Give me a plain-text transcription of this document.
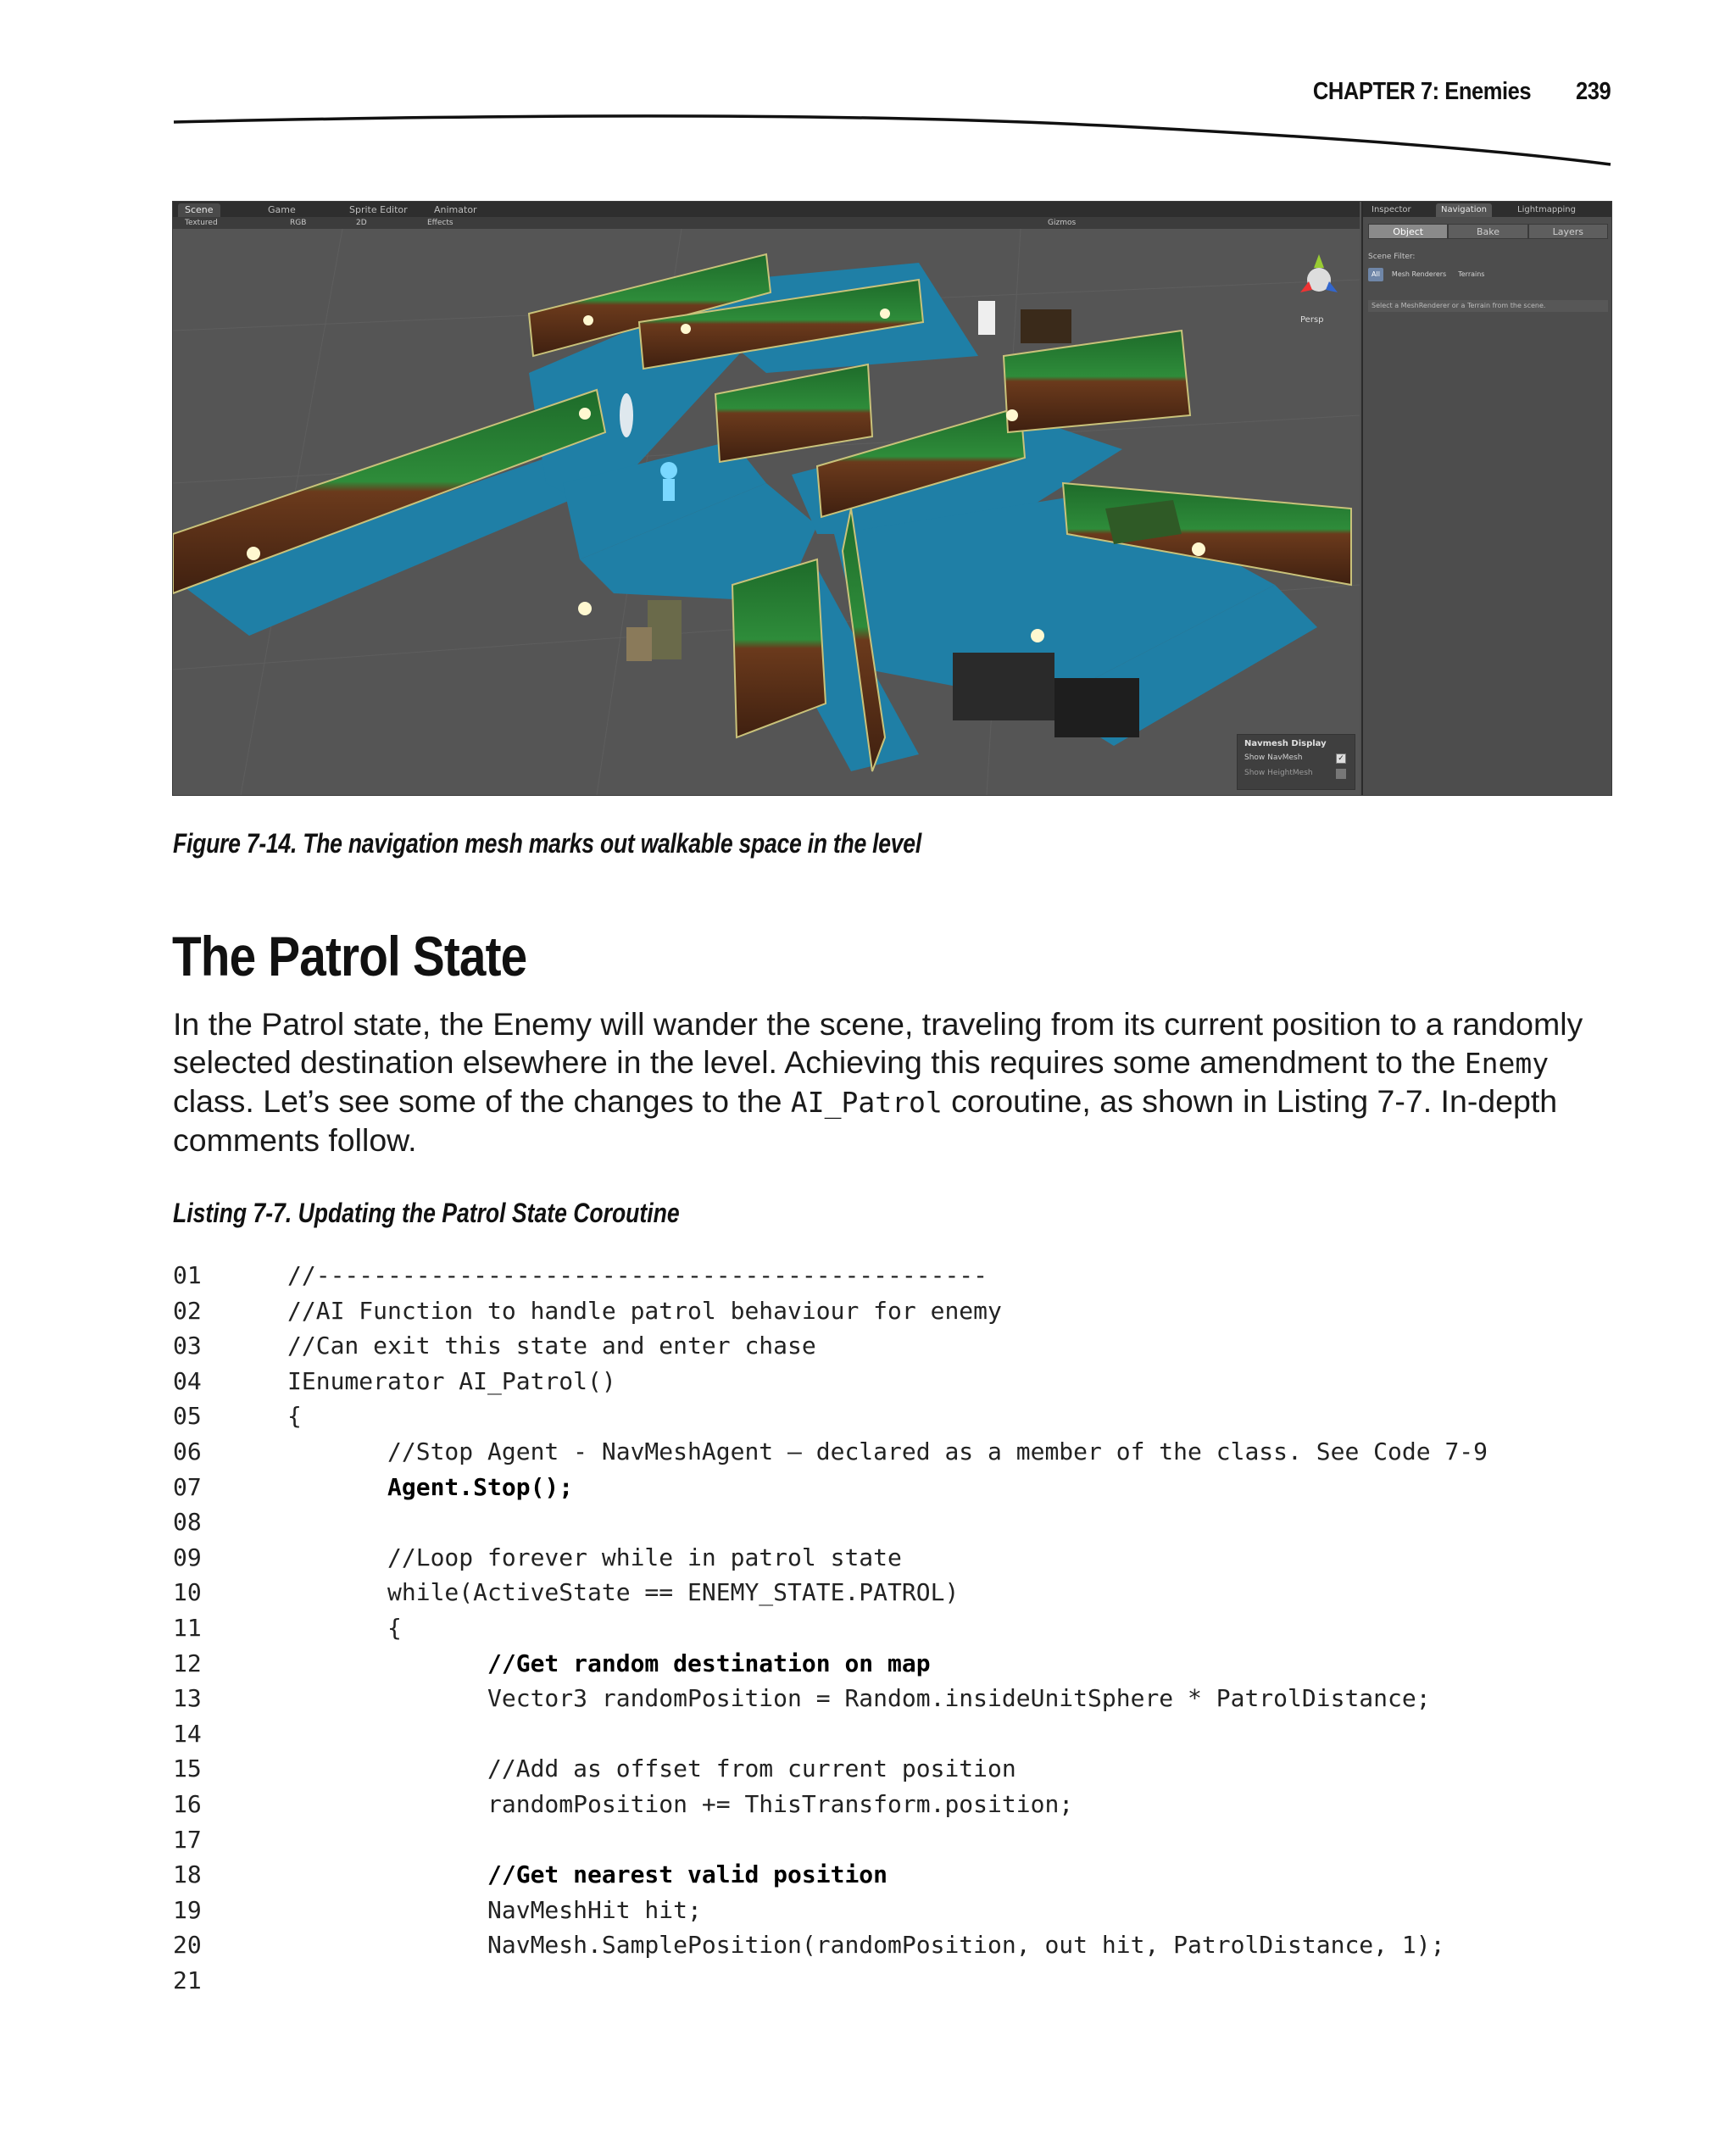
CHAPTER 7: Enemies 239
Scene	Game	Sprite Editor	Animator
Textured	RGB	2D	Effects	Gizmos
Persp
Navmesh Display
Show NavMesh	✓
Show HeightMesh
Inspector	Navigation	Lightmapping
Object	Bake	Layers
Scene Filter:
All	Mesh Renderers	Terrains
Select a MeshRenderer or a Terrain from the scene.
Figure 7-14. The navigation mesh marks out walkable space in the level
The Patrol State
In the Patrol state, the Enemy will wander the scene, traveling from its current position to a randomly selected destination elsewhere in the level. Achieving this requires some amendment to the Enemy class. Let’s see some of the changes to the AI_Patrol coroutine, as shown in Listing 7-7. In-depth comments follow.
Listing 7-7. Updating the Patrol State Coroutine
01	//-----------------------------------------------
02	//AI Function to handle patrol behaviour for enemy
03	//Can exit this state and enter chase
04	IEnumerator AI_Patrol()
05	{
06	//Stop Agent - NavMeshAgent – declared as a member of the class. See Code 7-9
07	Agent.Stop();
08
09	//Loop forever while in patrol state
10	while(ActiveState == ENEMY_STATE.PATROL)
11	{
12	//Get random destination on map
13	Vector3 randomPosition = Random.insideUnitSphere * PatrolDistance;
14
15	//Add as offset from current position
16	randomPosition += ThisTransform.position;
17
18	//Get nearest valid position
19	NavMeshHit hit;
20	NavMesh.SamplePosition(randomPosition, out hit, PatrolDistance, 1);
21
